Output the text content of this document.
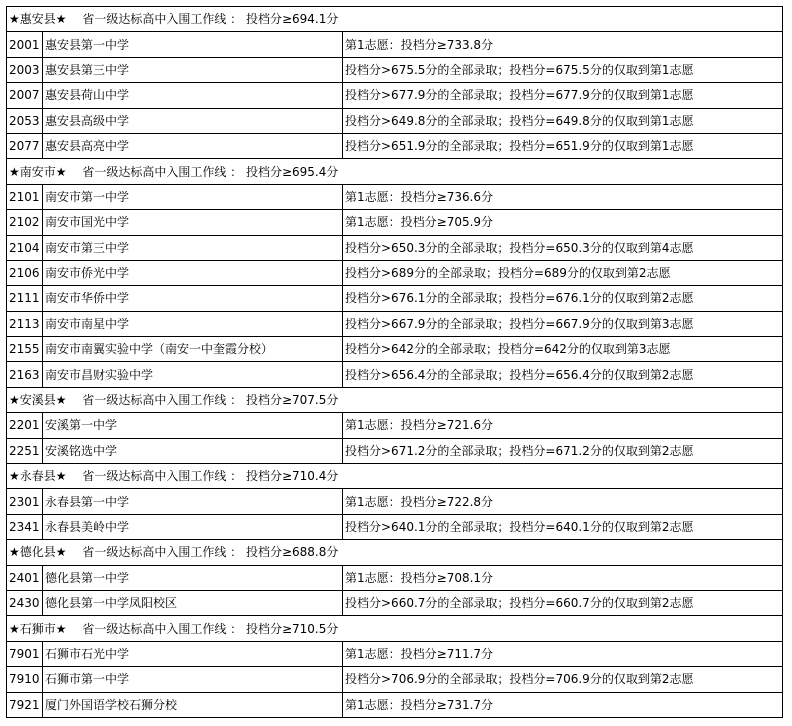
★惠安县★　 省一级达标高中入围工作线 ： 投档分≥694.1分		
2001	惠安县第一中学	第1志愿：投档分≥733.8分
2003	惠安县第三中学	投档分>675.5分的全部录取；投档分=675.5分的仅取到第1志愿
2007	惠安县荷山中学	投档分>677.9分的全部录取；投档分=677.9分的仅取到第1志愿
2053	惠安县高级中学	投档分>649.8分的全部录取；投档分=649.8分的仅取到第1志愿
2077	惠安县高亮中学	投档分>651.9分的全部录取；投档分=651.9分的仅取到第1志愿
★南安市★　 省一级达标高中入围工作线 ： 投档分≥695.4分		
2101	南安市第一中学	第1志愿：投档分≥736.6分
2102	南安市国光中学	第1志愿：投档分≥705.9分
2104	南安市第三中学	投档分>650.3分的全部录取；投档分=650.3分的仅取到第4志愿
2106	南安市侨光中学	投档分>689分的全部录取；投档分=689分的仅取到第2志愿
2111	南安市华侨中学	投档分>676.1分的全部录取；投档分=676.1分的仅取到第2志愿
2113	南安市南星中学	投档分>667.9分的全部录取；投档分=667.9分的仅取到第3志愿
2155	南安市南翼实验中学（南安一中奎霞分校）	投档分>642分的全部录取；投档分=642分的仅取到第3志愿
2163	南安市昌财实验中学	投档分>656.4分的全部录取；投档分=656.4分的仅取到第2志愿
★安溪县★　 省一级达标高中入围工作线 ： 投档分≥707.5分		
2201	安溪第一中学	第1志愿：投档分≥721.6分
2251	安溪铭选中学	投档分>671.2分的全部录取；投档分=671.2分的仅取到第2志愿
★永春县★　 省一级达标高中入围工作线 ： 投档分≥710.4分		
2301	永春县第一中学	第1志愿：投档分≥722.8分
2341	永春县美岭中学	投档分>640.1分的全部录取；投档分=640.1分的仅取到第2志愿
★德化县★　 省一级达标高中入围工作线 ： 投档分≥688.8分		
2401	德化县第一中学	第1志愿：投档分≥708.1分
2430	德化县第一中学凤阳校区	投档分>660.7分的全部录取；投档分=660.7分的仅取到第2志愿
★石狮市★　 省一级达标高中入围工作线 ： 投档分≥710.5分		
7901	石狮市石光中学	第1志愿：投档分≥711.7分
7910	石狮市第一中学	投档分>706.9分的全部录取；投档分=706.9分的仅取到第2志愿
7921	厦门外国语学校石狮分校	第1志愿：投档分≥731.7分
